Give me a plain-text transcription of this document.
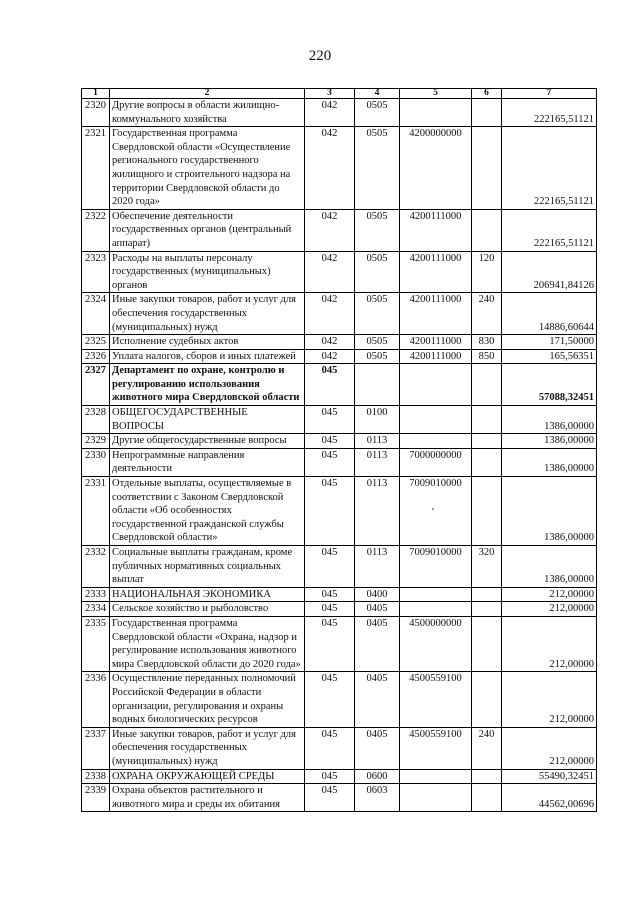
220
1	2	3	4	5	6	7
2320	Другие вопросы в области жилищно-коммунального хозяйства	042	0505			222165,51121
2321	Государственная программа Свердловской области «Осуществление регионального государственного жилищного и строительного надзора на территории Свердловской области до 2020 года»	042	0505	4200000000		222165,51121
2322	Обеспечение деятельности государственных органов (центральный аппарат)	042	0505	4200111000		222165,51121
2323	Расходы на выплаты персоналу государственных (муниципальных) органов	042	0505	4200111000	120	206941,84126
2324	Иные закупки товаров, работ и услуг для обеспечения государственных (муниципальных) нужд	042	0505	4200111000	240	14886,60644
2325	Исполнение судебных актов	042	0505	4200111000	830	171,50000
2326	Уплата налогов, сборов и иных платежей	042	0505	4200111000	850	165,56351
2327	Департамент по охране, контролю и регулированию использования животного мира Свердловской области	045				57088,32451
2328	ОБЩЕГОСУДАРСТВЕННЫЕ ВОПРОСЫ	045	0100			1386,00000
2329	Другие общегосударственные вопросы	045	0113			1386,00000
2330	Непрограммные направления деятельности	045	0113	7000000000		1386,00000
2331	Отдельные выплаты, осуществляемые в соответствии с Законом Свердловской области «Об особенностях государственной гражданской службы Свердловской области»	045	0113	7009010000		1386,00000
2332	Социальные выплаты гражданам, кроме публичных нормативных социальных выплат	045	0113	7009010000	320	1386,00000
2333	НАЦИОНАЛЬНАЯ ЭКОНОМИКА	045	0400			212,00000
2334	Сельское хозяйство и рыболовство	045	0405			212,00000
2335	Государственная программа Свердловской области «Охрана, надзор и регулирование использования животного мира Свердловской области до 2020 года»	045	0405	4500000000		212,00000
2336	Осуществление переданных полномочий Российской Федерации в области организации, регулирования и охраны водных биологических ресурсов	045	0405	4500559100		212,00000
2337	Иные закупки товаров, работ и услуг для обеспечения государственных (муниципальных) нужд	045	0405	4500559100	240	212,00000
2338	ОХРАНА ОКРУЖАЮЩЕЙ СРЕДЫ	045	0600			55490,32451
2339	Охрана объектов растительного и животного мира и среды их обитания	045	0603			44562,00696
